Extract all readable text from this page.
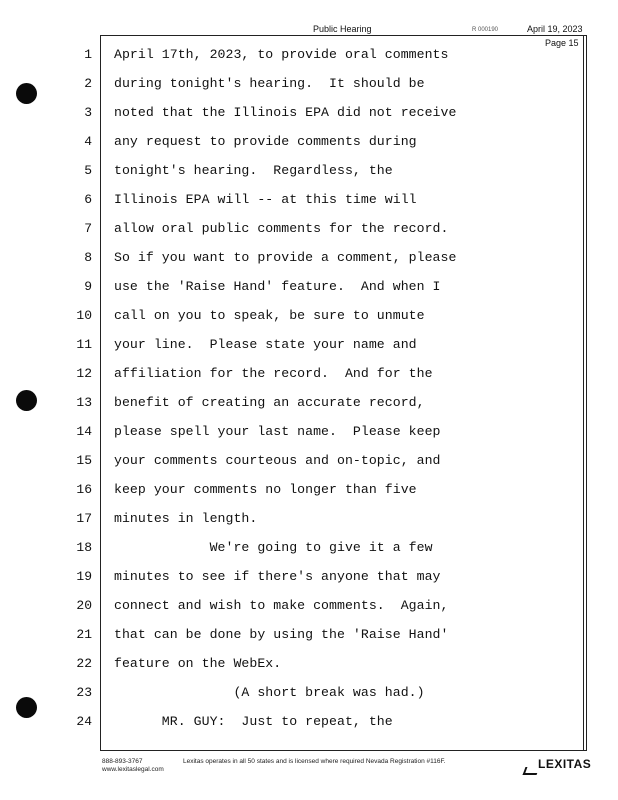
Public Hearing	R 000190	April 19, 2023
Page 15
1 April 17th, 2023, to provide oral comments
2 during tonight's hearing.  It should be
3 noted that the Illinois EPA did not receive
4 any request to provide comments during
5 tonight's hearing.  Regardless, the
6 Illinois EPA will -- at this time will
7 allow oral public comments for the record.
8 So if you want to provide a comment, please
9 use the 'Raise Hand' feature.  And when I
10 call on you to speak, be sure to unmute
11 your line.  Please state your name and
12 affiliation for the record.  And for the
13 benefit of creating an accurate record,
14 please spell your last name.  Please keep
15 your comments courteous and on-topic, and
16 keep your comments no longer than five
17 minutes in length.
18 We're going to give it a few
19 minutes to see if there's anyone that may
20 connect and wish to make comments.  Again,
21 that can be done by using the 'Raise Hand'
22 feature on the WebEx.
23 (A short break was had.)
24 MR. GUY:  Just to repeat, the
888-893-3767
www.lexitaslegal.com
Lexitas operates in all 50 states and is licensed where required Nevada Registration #116F.	LEXITAS
